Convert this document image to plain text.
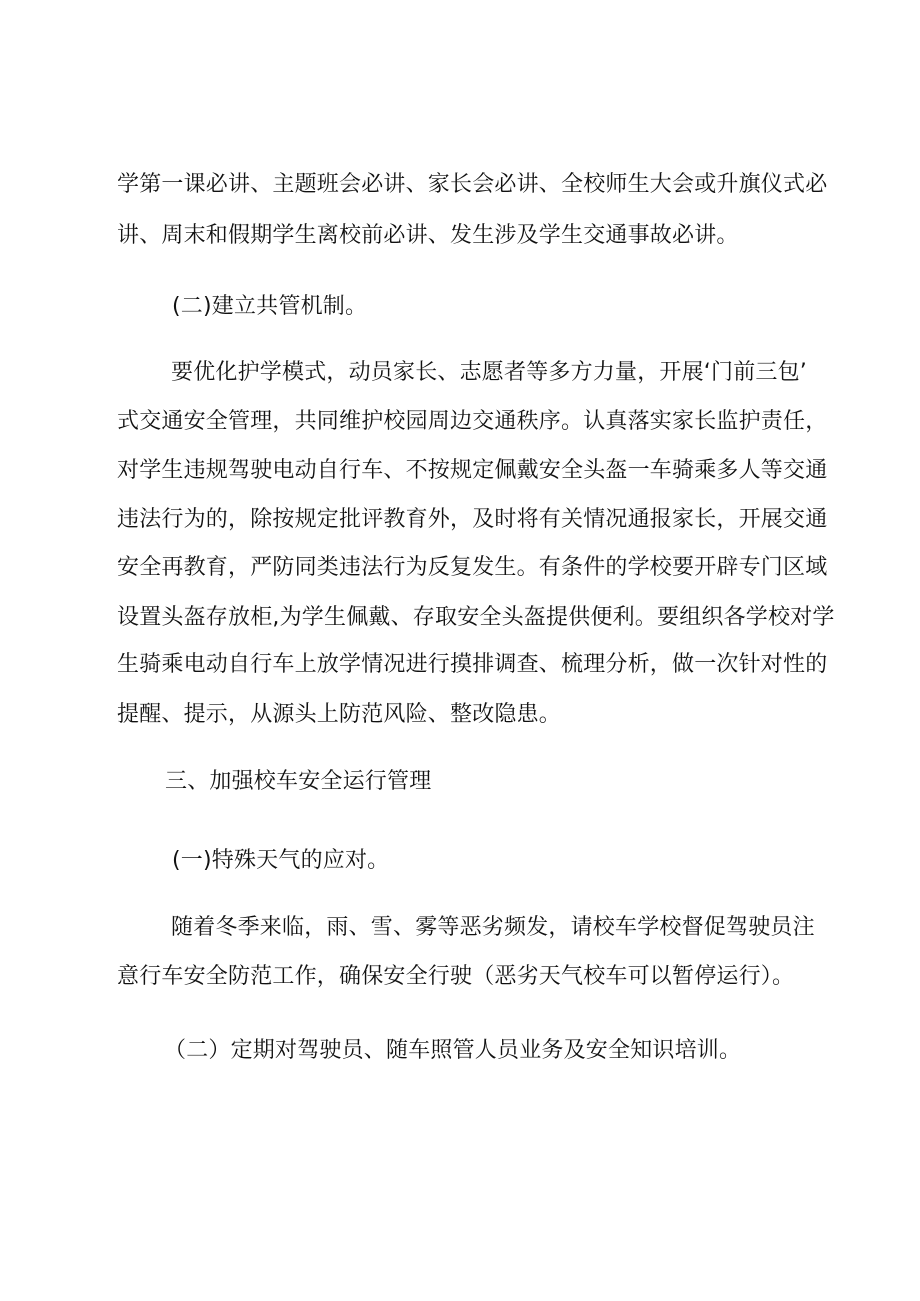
学第一课必讲、主题班会必讲、家长会必讲、全校师生大会或升旗仪式必
讲、周末和假期学生离校前必讲、发生涉及学生交通事故必讲。
(二)建立共管机制。
要优化护学模式，动员家长、志愿者等多方力量，开展‘门前三包’
式交通安全管理，共同维护校园周边交通秩序。认真落实家长监护责任，
对学生违规驾驶电动自行车、不按规定佩戴安全头盔一车骑乘多人等交通
违法行为的，除按规定批评教育外，及时将有关情况通报家长，开展交通
安全再教育，严防同类违法行为反复发生。有条件的学校要开辟专门区域
设置头盔存放柜,为学生佩戴、存取安全头盔提供便利。要组织各学校对学
生骑乘电动自行车上放学情况进行摸排调查、梳理分析，做一次针对性的
提醒、提示，从源头上防范风险、整改隐患。
三、加强校车安全运行管理
(一)特殊天气的应对。
随着冬季来临，雨、雪、雾等恶劣频发，请校车学校督促驾驶员注
意行车安全防范工作，确保安全行驶（恶劣天气校车可以暂停运行）。
（二）定期对驾驶员、随车照管人员业务及安全知识培训。
